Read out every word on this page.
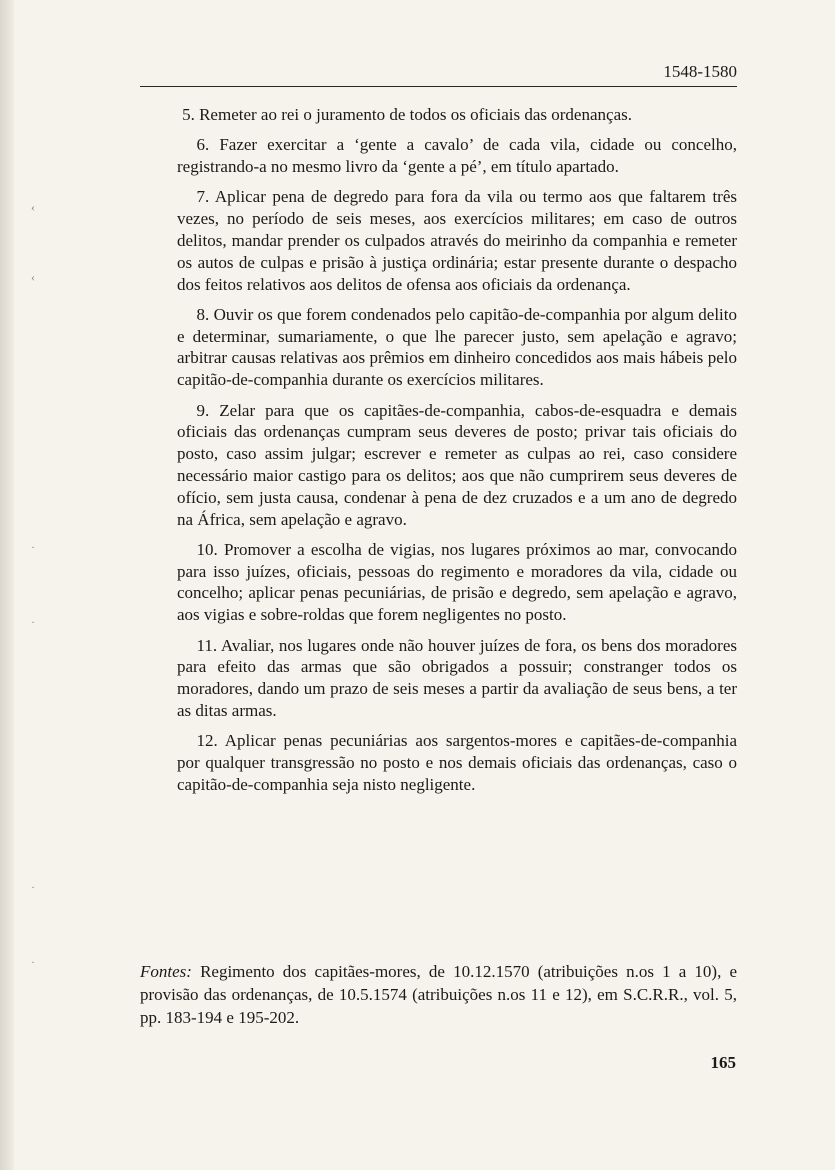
1548-1580

5. Remeter ao rei o juramento de todos os oficiais das ordenanças.

6. Fazer exercitar a ‘gente a cavalo’ de cada vila, cidade ou concelho, registrando-a no mesmo livro da ‘gente a pé’, em título apartado.

7. Aplicar pena de degredo para fora da vila ou termo aos que faltarem três vezes, no período de seis meses, aos exercícios militares; em caso de outros delitos, mandar prender os culpados através do meirinho da companhia e remeter os autos de culpas e prisão à justiça ordinária; estar presente durante o despacho dos feitos relativos aos delitos de ofensa aos oficiais da ordenança.

8. Ouvir os que forem condenados pelo capitão-de-companhia por algum delito e determinar, sumariamente, o que lhe parecer justo, sem apelação e agravo; arbitrar causas relativas aos prêmios em dinheiro concedidos aos mais hábeis pelo capitão-de-companhia durante os exercícios militares.

9. Zelar para que os capitães-de-companhia, cabos-de-esquadra e demais oficiais das ordenanças cumpram seus deveres de posto; privar tais oficiais do posto, caso assim julgar; escrever e remeter as culpas ao rei, caso considere necessário maior castigo para os delitos; aos que não cumprirem seus deveres de ofício, sem justa causa, condenar à pena de dez cruzados e a um ano de degredo na África, sem apelação e agravo.

10. Promover a escolha de vigias, nos lugares próximos ao mar, convocando para isso juízes, oficiais, pessoas do regimento e moradores da vila, cidade ou concelho; aplicar penas pecuniárias, de prisão e degredo, sem apelação e agravo, aos vigias e sobre-roldas que forem negligentes no posto.

11. Avaliar, nos lugares onde não houver juízes de fora, os bens dos moradores para efeito das armas que são obrigados a possuir; constranger todos os moradores, dando um prazo de seis meses a partir da avaliação de seus bens, a ter as ditas armas.

12. Aplicar penas pecuniárias aos sargentos-mores e capitães-de-companhia por qualquer transgressão no posto e nos demais oficiais das ordenanças, caso o capitão-de-companhia seja nisto negligente.

Fontes: Regimento dos capitães-mores, de 10.12.1570 (atribuições n.os 1 a 10), e provisão das ordenanças, de 10.5.1574 (atribuições n.os 11 e 12), em S.C.R.R., vol. 5, pp. 183-194 e 195-202.
165
‹
‹
·
·
·
·
